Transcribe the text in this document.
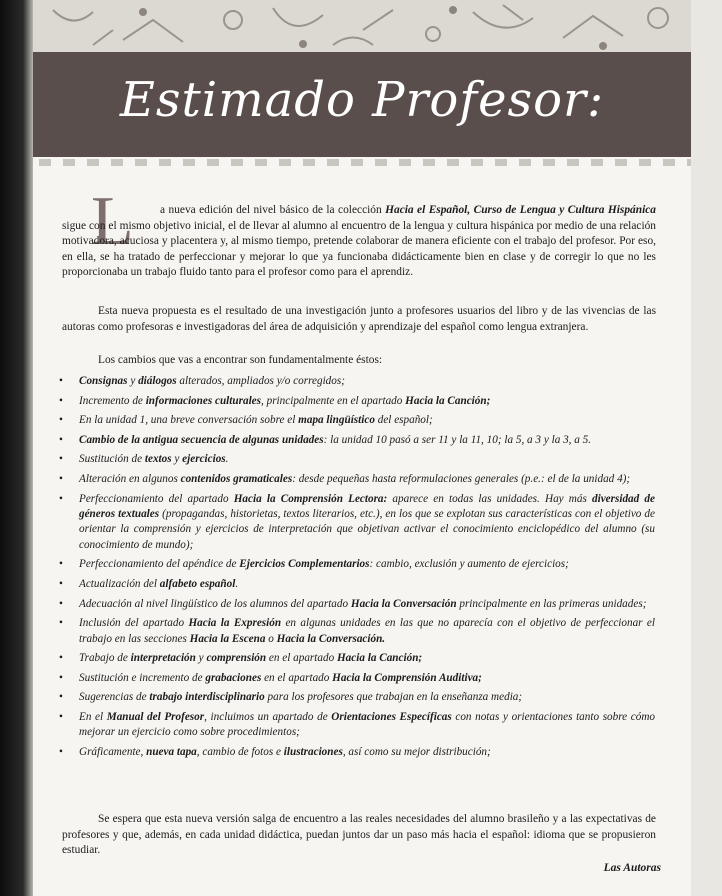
Estimado Profesor:
L	a nueva edición del nivel básico de la colección Hacia el Español, Curso de Lengua y Cultura Hispánica sigue con el mismo objetivo inicial, el de llevar al alumno al encuentro de la lengua y cultura hispánica por medio de una relación motivadora, acuciosa y placentera y, al mismo tiempo, pretende colaborar de manera eficiente con el trabajo del profesor. Por eso, en ella, se ha tratado de perfeccionar y mejorar lo que ya funcionaba didácticamente bien en clase y de corregir lo que no les proporcionaba un trabajo fluido tanto para el profesor como para el aprendiz.
Esta nueva propuesta es el resultado de una investigación junto a profesores usuarios del libro y de las vivencias de las autoras como profesoras e investigadoras del área de adquisición y aprendizaje del español como lengua extranjera.
Los cambios que vas a encontrar son fundamentalmente éstos:
• Consignas y diálogos alterados, ampliados y/o corregidos;
• Incremento de informaciones culturales, principalmente en el apartado Hacia la Canción;
• En la unidad 1, una breve conversación sobre el mapa lingüístico del español;
• Cambio de la antigua secuencia de algunas unidades: la unidad 10 pasó a ser 11 y la 11, 10; la 5, a 3 y la 3, a 5.
• Sustitución de textos y ejercicios.
• Alteración en algunos contenidos gramaticales: desde pequeñas hasta reformulaciones generales (p.e.: el de la unidad 4);
• Perfeccionamiento del apartado Hacia la Comprensión Lectora: aparece en todas las unidades. Hay más diversidad de géneros textuales (propagandas, historietas, textos literarios, etc.), en los que se explotan sus características con el objetivo de orientar la comprensión y ejercicios de interpretación que objetivan activar el conocimiento enciclopédico del alumno (su conocimiento de mundo);
• Perfeccionamiento del apéndice de Ejercicios Complementarios: cambio, exclusión y aumento de ejercicios;
• Actualización del alfabeto español.
• Adecuación al nivel lingüístico de los alumnos del apartado Hacia la Conversación principalmente en las primeras unidades;
• Inclusión del apartado Hacia la Expresión en algunas unidades en las que no aparecía con el objetivo de perfeccionar el trabajo en las secciones Hacia la Escena o Hacia la Conversación.
• Trabajo de interpretación y comprensión en el apartado Hacia la Canción;
• Sustitución e incremento de grabaciones en el apartado Hacia la Comprensión Auditiva;
• Sugerencias de trabajo interdisciplinario para los profesores que trabajan en la enseñanza media;
• En el Manual del Profesor, incluimos un apartado de Orientaciones Específicas con notas y orientaciones tanto sobre cómo mejorar un ejercicio como sobre procedimientos;
• Gráficamente, nueva tapa, cambio de fotos e ilustraciones, así como su mejor distribución;
Se espera que esta nueva versión salga de encuentro a las reales necesidades del alumno brasileño y a las expectativas de profesores y que, además, en cada unidad didáctica, puedan juntos dar un paso más hacia el español: idioma que se propusieron estudiar.
Las Autoras
